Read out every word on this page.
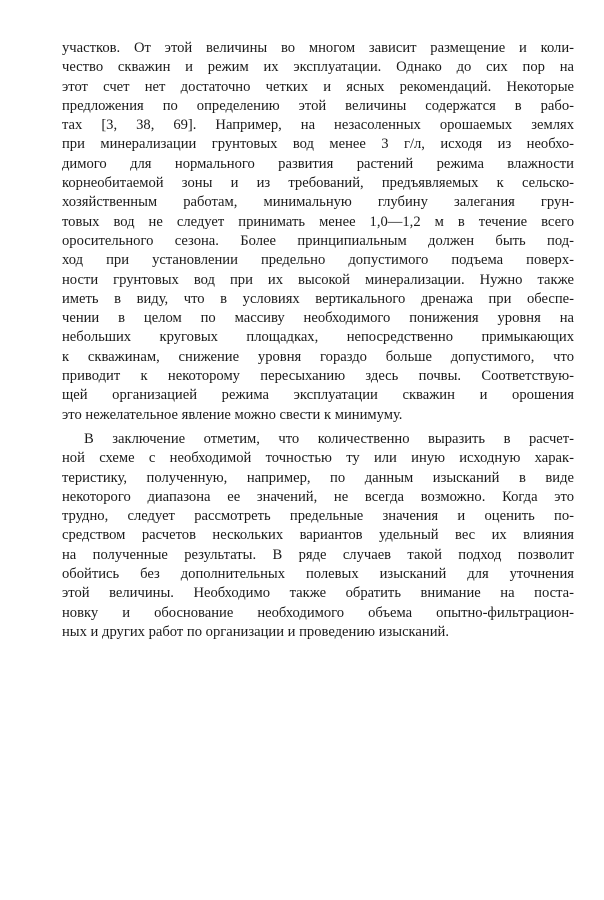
участков. От этой величины во многом зависит размещение и коли-
чество скважин и режим их эксплуатации. Однако до сих пор на
этот счет нет достаточно четких и ясных рекомендаций. Некоторые
предложения по определению этой величины содержатся в рабо-
тах [3, 38, 69]. Например, на незасоленных орошаемых землях
при минерализации грунтовых вод менее 3 г/л, исходя из необхо-
димого для нормального развития растений режима влажности
корнеобитаемой зоны и из требований, предъявляемых к сельско-
хозяйственным работам, минимальную глубину залегания грун-
товых вод не следует принимать менее 1,0—1,2 м в течение всего
оросительного сезона. Более принципиальным должен быть под-
ход при установлении предельно допустимого подъема поверх-
ности грунтовых вод при их высокой минерализации. Нужно также
иметь в виду, что в условиях вертикального дренажа при обеспе-
чении в целом по массиву необходимого понижения уровня на
небольших круговых площадках, непосредственно примыкающих
к скважинам, снижение уровня гораздо больше допустимого, что
приводит к некоторому пересыханию здесь почвы. Соответствую-
щей организацией режима эксплуатации скважин и орошения
это нежелательное явление можно свести к минимуму.
В заключение отметим, что количественно выразить в расчет-
ной схеме с необходимой точностью ту или иную исходную харак-
теристику, полученную, например, по данным изысканий в виде
некоторого диапазона ее значений, не всегда возможно. Когда это
трудно, следует рассмотреть предельные значения и оценить по-
средством расчетов нескольких вариантов удельный вес их влияния
на полученные результаты. В ряде случаев такой подход позволит
обойтись без дополнительных полевых изысканий для уточнения
этой величины. Необходимо также обратить внимание на поста-
новку и обоснование необходимого объема опытно-фильтрацион-
ных и других работ по организации и проведению изысканий.
